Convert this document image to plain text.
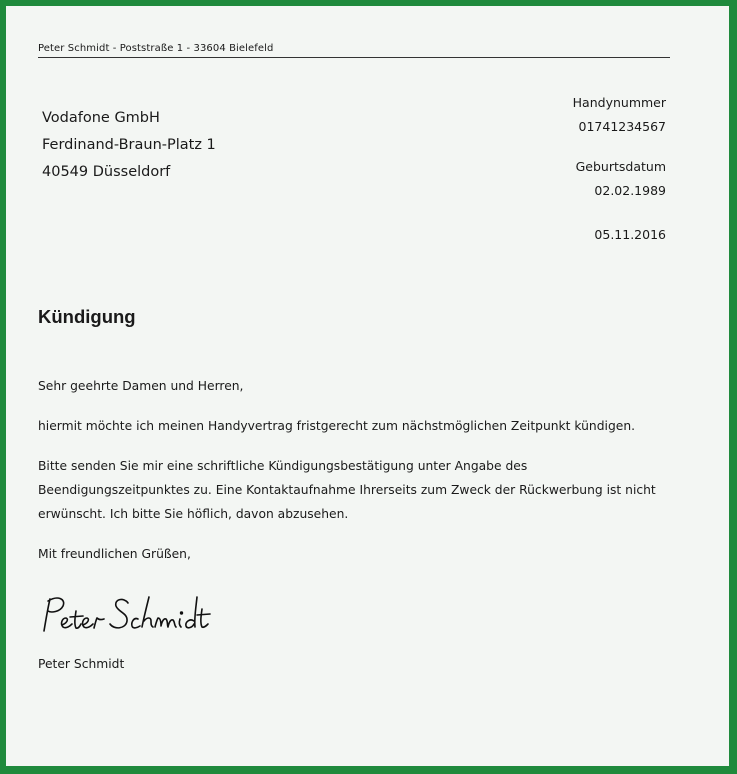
Peter Schmidt - Poststraße 1 - 33604 Bielefeld
Vodafone GmbH
Ferdinand-Braun-Platz 1
40549 Düsseldorf
Handynummer
01741234567
Geburtsdatum
02.02.1989
05.11.2016
Kündigung

Sehr geehrte Damen und Herren,

hiermit möchte ich meinen Handyvertrag fristgerecht zum nächstmöglichen Zeitpunkt kündigen.

Bitte senden Sie mir eine schriftliche Kündigungsbestätigung unter Angabe des Beendigungszeitpunktes zu. Eine Kontaktaufnahme Ihrerseits zum Zweck der Rückwerbung ist nicht erwünscht. Ich bitte Sie höflich, davon abzusehen.

Mit freundlichen Grüßen,

Peter Schmidt
